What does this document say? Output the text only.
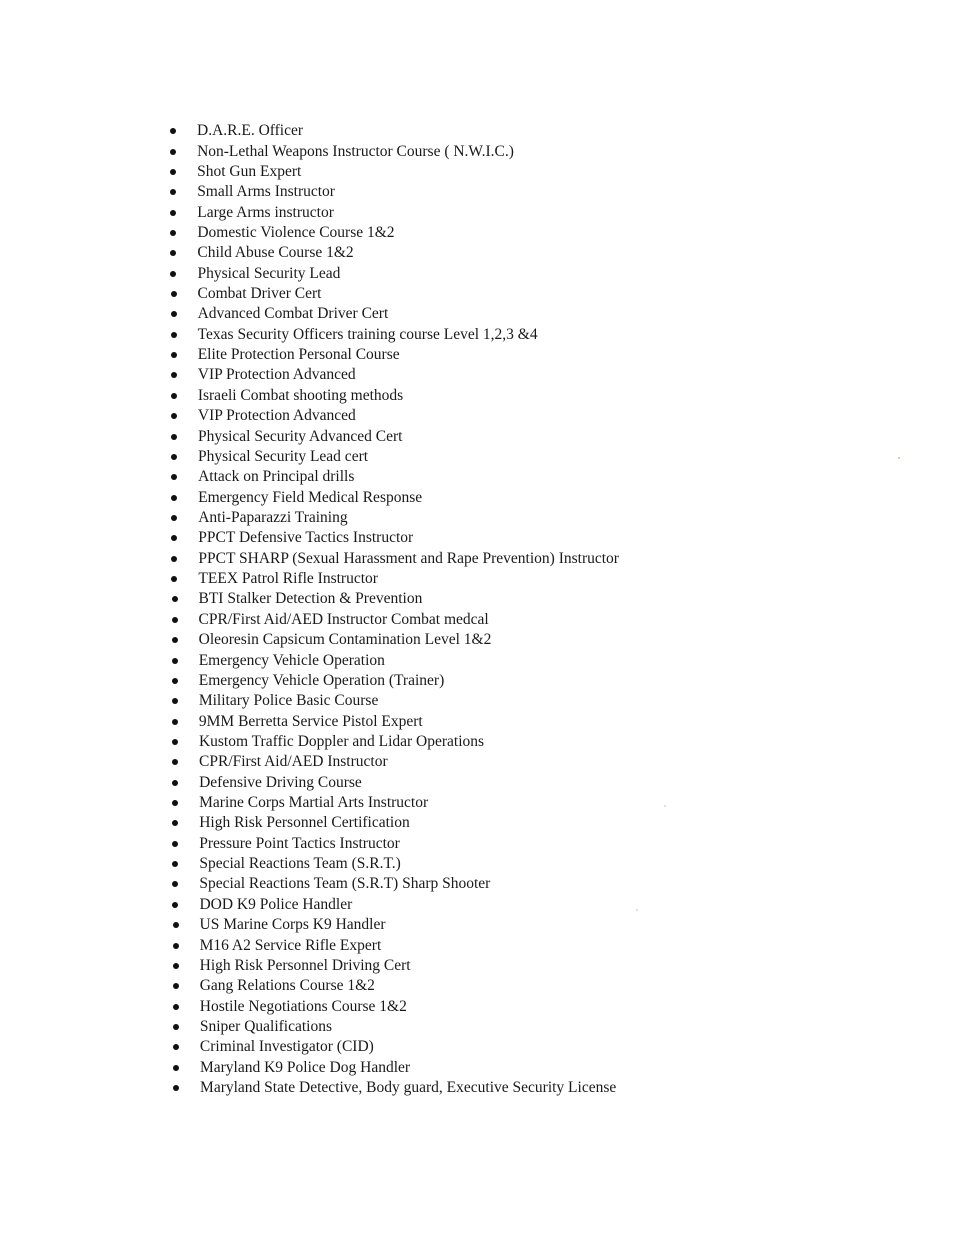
D.A.R.E. Officer
Non-Lethal Weapons Instructor Course ( N.W.I.C.)
Shot Gun Expert
Small Arms Instructor
Large Arms instructor
Domestic Violence Course 1&2
Child Abuse Course 1&2
Physical Security Lead
Combat Driver Cert
Advanced Combat Driver Cert
Texas Security Officers training course Level 1,2,3 &4
Elite Protection Personal Course
VIP Protection Advanced
Israeli Combat shooting methods
VIP Protection Advanced
Physical Security Advanced Cert
Physical Security Lead cert
Attack on Principal drills
Emergency Field Medical Response
Anti-Paparazzi Training
PPCT Defensive Tactics Instructor
PPCT SHARP (Sexual Harassment and Rape Prevention) Instructor
TEEX Patrol Rifle Instructor
BTI Stalker Detection & Prevention
CPR/First Aid/AED Instructor Combat medcal
Oleoresin Capsicum Contamination Level 1&2
Emergency Vehicle Operation
Emergency Vehicle Operation (Trainer)
Military Police Basic Course
9MM Berretta Service Pistol Expert
Kustom Traffic Doppler and Lidar Operations
CPR/First Aid/AED Instructor
Defensive Driving Course
Marine Corps Martial Arts Instructor
High Risk Personnel Certification
Pressure Point Tactics Instructor
Special Reactions Team (S.R.T.)
Special Reactions Team (S.R.T) Sharp Shooter
DOD K9 Police Handler
US Marine Corps K9 Handler
M16 A2 Service Rifle Expert
High Risk Personnel Driving Cert
Gang Relations Course 1&2
Hostile Negotiations Course 1&2
Sniper Qualifications
Criminal Investigator (CID)
Maryland K9 Police Dog Handler
Maryland State Detective, Body guard, Executive Security License
